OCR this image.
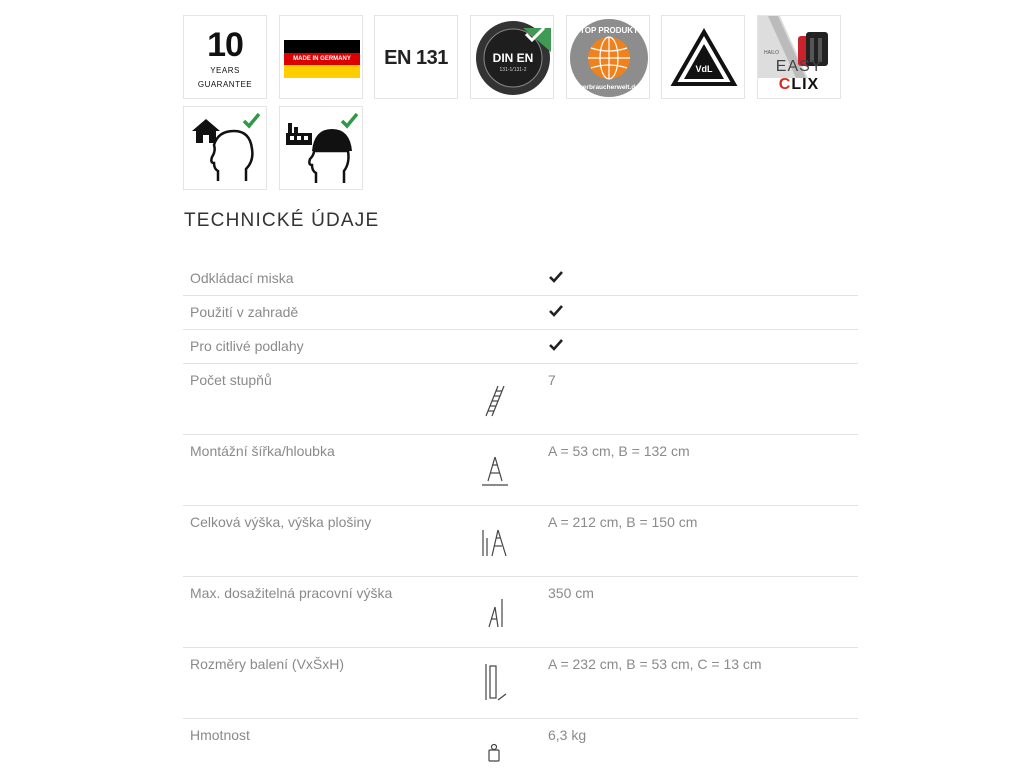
10
YEARS
GUARANTEE
MADE IN GERMANY	EN 131	DIN EN
131-1/131-2
TOP PRODUKT
verbraucherwelt.de
VdL
Sichere Produkte
HAILO
EASY CLIX
TECHNICKÉ ÚDAJE
Odkládací miska
Použití v zahradě
Pro citlivé podlahy
Počet stupňů	7
Montážní šířka/hloubka	A = 53 cm, B = 132 cm
Celková výška, výška plošiny	A = 212 cm, B = 150 cm
Max. dosažitelná pracovní výška	350 cm
Rozměry balení (VxŠxH)	A = 232 cm, B = 53 cm, C = 13 cm
Hmotnost	6,3 kg
